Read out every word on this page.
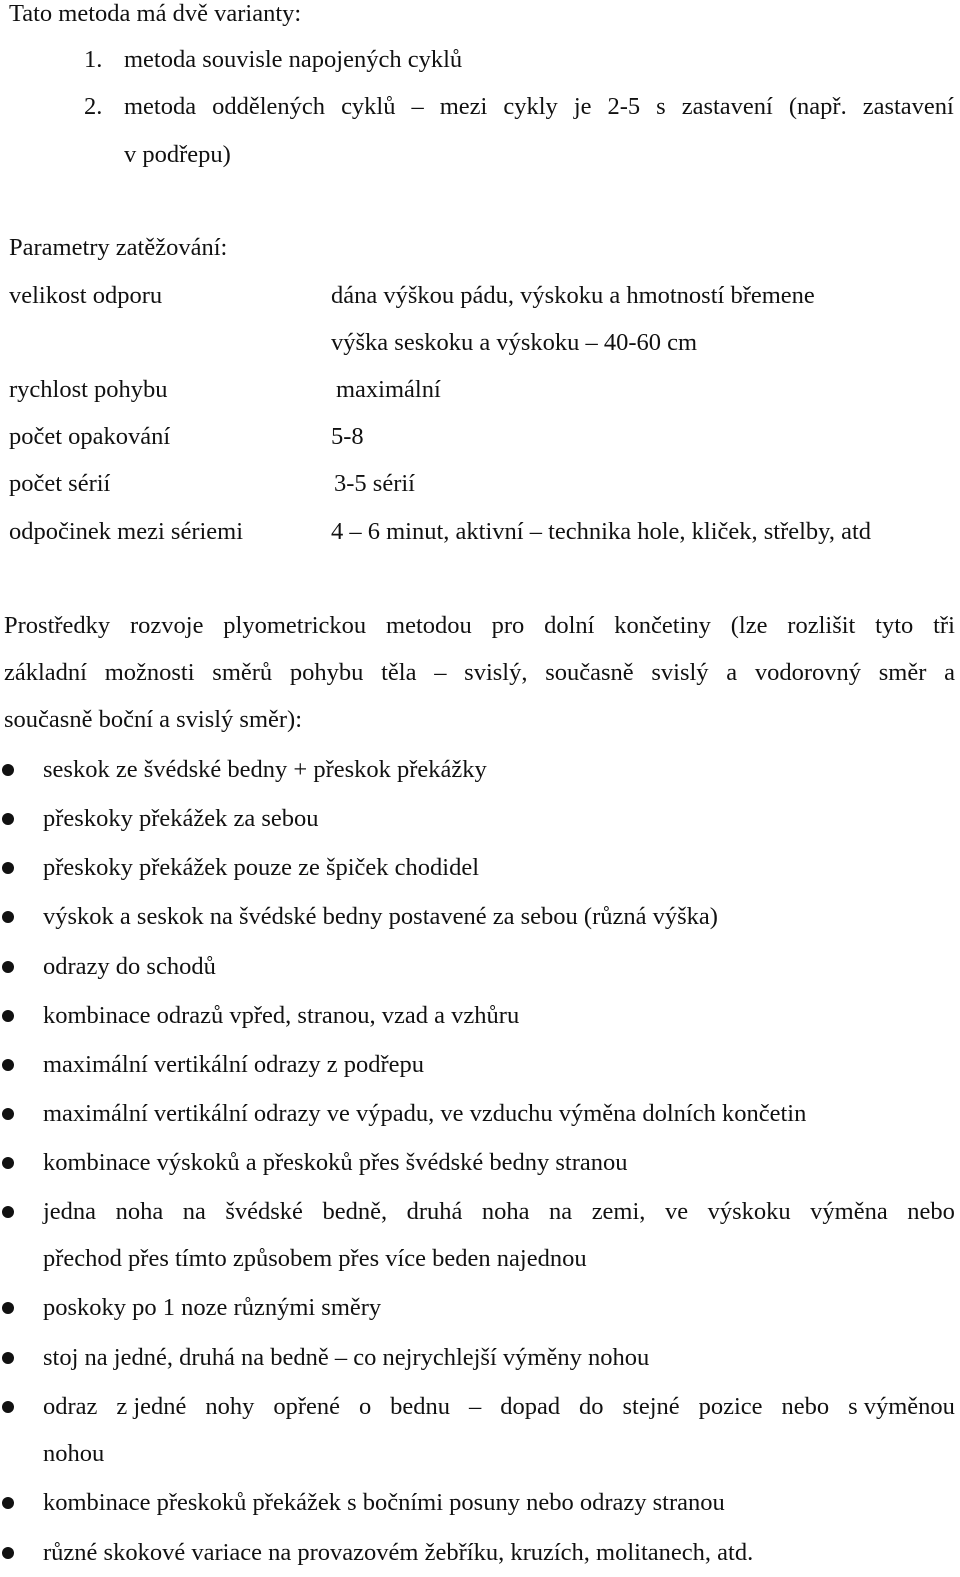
Tato metoda má dvě varianty:
1. metoda souvisle napojených cyklů
2. metoda oddělených cyklů – mezi cykly je 2-5 s zastavení (např. zastavení
v podřepu)
Parametry zatěžování:
velikost odporu	dána výškou pádu, výskoku a hmotností břemene
výška seskoku a výskoku – 40-60 cm
rychlost pohybu	maximální
počet opakování	5-8
počet sérií	3-5 sérií
odpočinek mezi sériemi	4 – 6 minut, aktivní – technika hole, kliček, střelby, atd
Prostředky rozvoje plyometrickou metodou pro dolní končetiny (lze rozlišit tyto tři
základní možnosti směrů pohybu těla – svislý, současně svislý a vodorovný směr a
současně boční a svislý směr):
seskok ze švédské bedny + přeskok překážky
přeskoky překážek za sebou
přeskoky překážek pouze ze špiček chodidel
výskok a seskok na švédské bedny postavené za sebou (různá výška)
odrazy do schodů
kombinace odrazů vpřed, stranou, vzad a vzhůru
maximální vertikální odrazy z podřepu
maximální vertikální odrazy ve výpadu, ve vzduchu výměna dolních končetin
kombinace výskoků a přeskoků přes švédské bedny stranou
jedna noha na švédské bedně, druhá noha na zemi, ve výskoku výměna nebo
přechod přes tímto způsobem přes více beden najednou
poskoky po 1 noze různými směry
stoj na jedné, druhá na bedně – co nejrychlejší výměny nohou
odraz z jedné nohy opřené o bednu – dopad do stejné pozice nebo s výměnou
nohou
kombinace přeskoků překážek s bočními posuny nebo odrazy stranou
různé skokové variace na provazovém žebříku, kruzích, molitanech, atd.
